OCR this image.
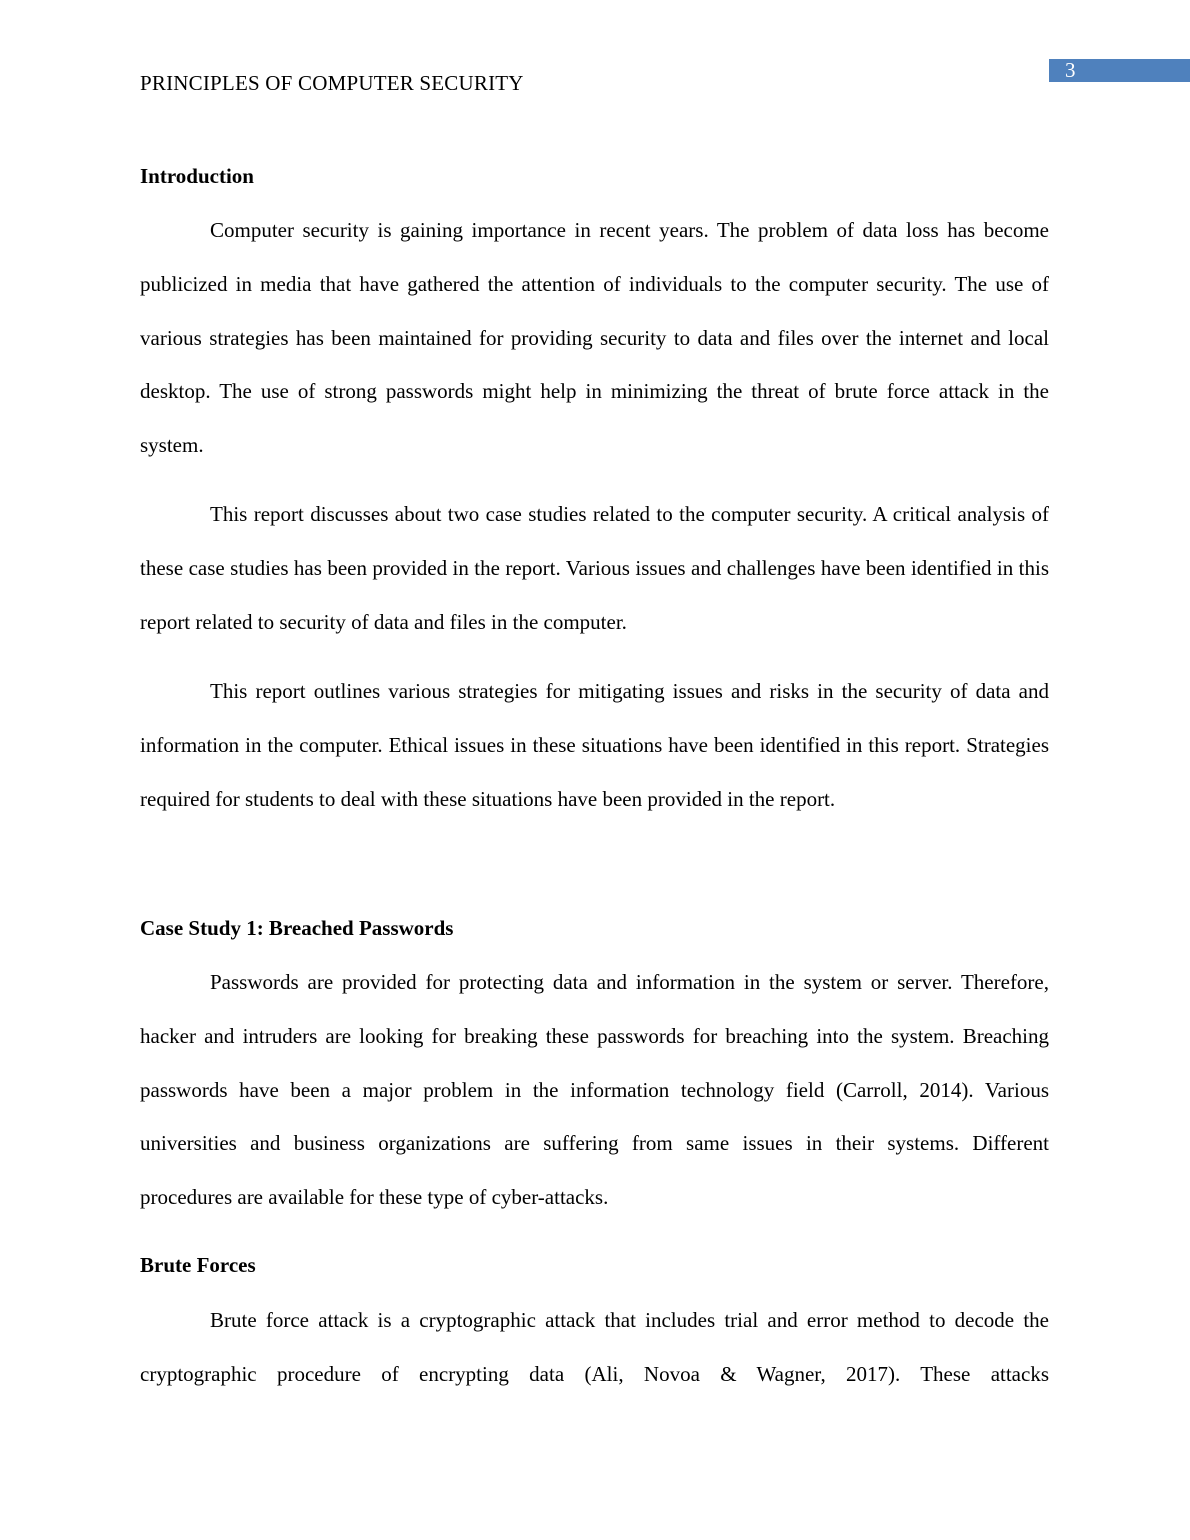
PRINCIPLES OF COMPUTER SECURITY
3
Introduction

Computer security is gaining importance in recent years. The problem of data loss has become publicized in media that have gathered the attention of individuals to the computer security. The use of various strategies has been maintained for providing security to data and files over the internet and local desktop. The use of strong passwords might help in minimizing the threat of brute force attack in the system.

This report discusses about two case studies related to the computer security. A critical analysis of these case studies has been provided in the report. Various issues and challenges have been identified in this report related to security of data and files in the computer.

This report outlines various strategies for mitigating issues and risks in the security of data and information in the computer. Ethical issues in these situations have been identified in this report. Strategies required for students to deal with these situations have been provided in the report.

Case Study 1: Breached Passwords

Passwords are provided for protecting data and information in the system or server. Therefore, hacker and intruders are looking for breaking these passwords for breaching into the system. Breaching passwords have been a major problem in the information technology field (Carroll, 2014). Various universities and business organizations are suffering from same issues in their systems. Different procedures are available for these type of cyber-attacks.

Brute Forces

Brute force attack is a cryptographic attack that includes trial and error method to decode the cryptographic procedure of encrypting data (Ali, Novoa & Wagner, 2017). These attacks
